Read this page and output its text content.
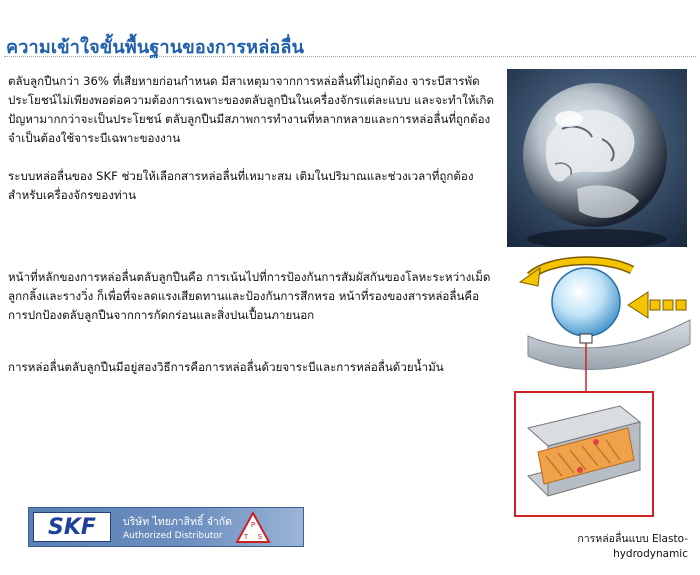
ความเข้าใจขั้นพื้นฐานของการหล่อลื่น

ตลับลูกปืนกว่า 36% ที่เสียหายก่อนกำหนด มีสาเหตุมาจากการหล่อลื่นที่ไม่ถูกต้อง จาระบีสารพัดประโยชน์ไม่เพียงพอต่อความต้องการเฉพาะของตลับลูกปืนในเครื่องจักรแต่ละแบบ และจะทำให้เกิดปัญหามากกว่าจะเป็นประโยชน์ ตลับลูกปืนมีสภาพการทำงานที่หลากหลายและการหล่อลื่นที่ถูกต้องจำเป็นต้องใช้จาระบีเฉพาะของงาน

ระบบหล่อลื่นของ SKF ช่วยให้เลือกสารหล่อลื่นที่เหมาะสม เติมในปริมาณและช่วงเวลาที่ถูกต้อง สำหรับเครื่องจักรของท่าน

หน้าที่หลักของการหล่อลื่นตลับลูกปืนคือ การเน้นไปที่การป้องกันการสัมผัสกันของโลหะระหว่างเม็ดลูกกลิ้งและรางวิ่ง ก็เพื่อที่จะลดแรงเสียดทานและป้องกันการสึกหรอ หน้าที่รองของสารหล่อลื่นคือการปกป้องตลับลูกปืนจากการกัดกร่อนและสิ่งปนเปื้อนภายนอก

การหล่อลื่นตลับลูกปืนมีอยู่สองวิธีการคือการหล่อลื่นด้วยจาระบีและการหล่อลื่นด้วยน้ำมัน

การหล่อลื่นแบบ Elasto-
hydrodynamic
SKF	บริษัท ไทยภาสิทธิ์ จำกัด
Authorized Distributor
P
T S
